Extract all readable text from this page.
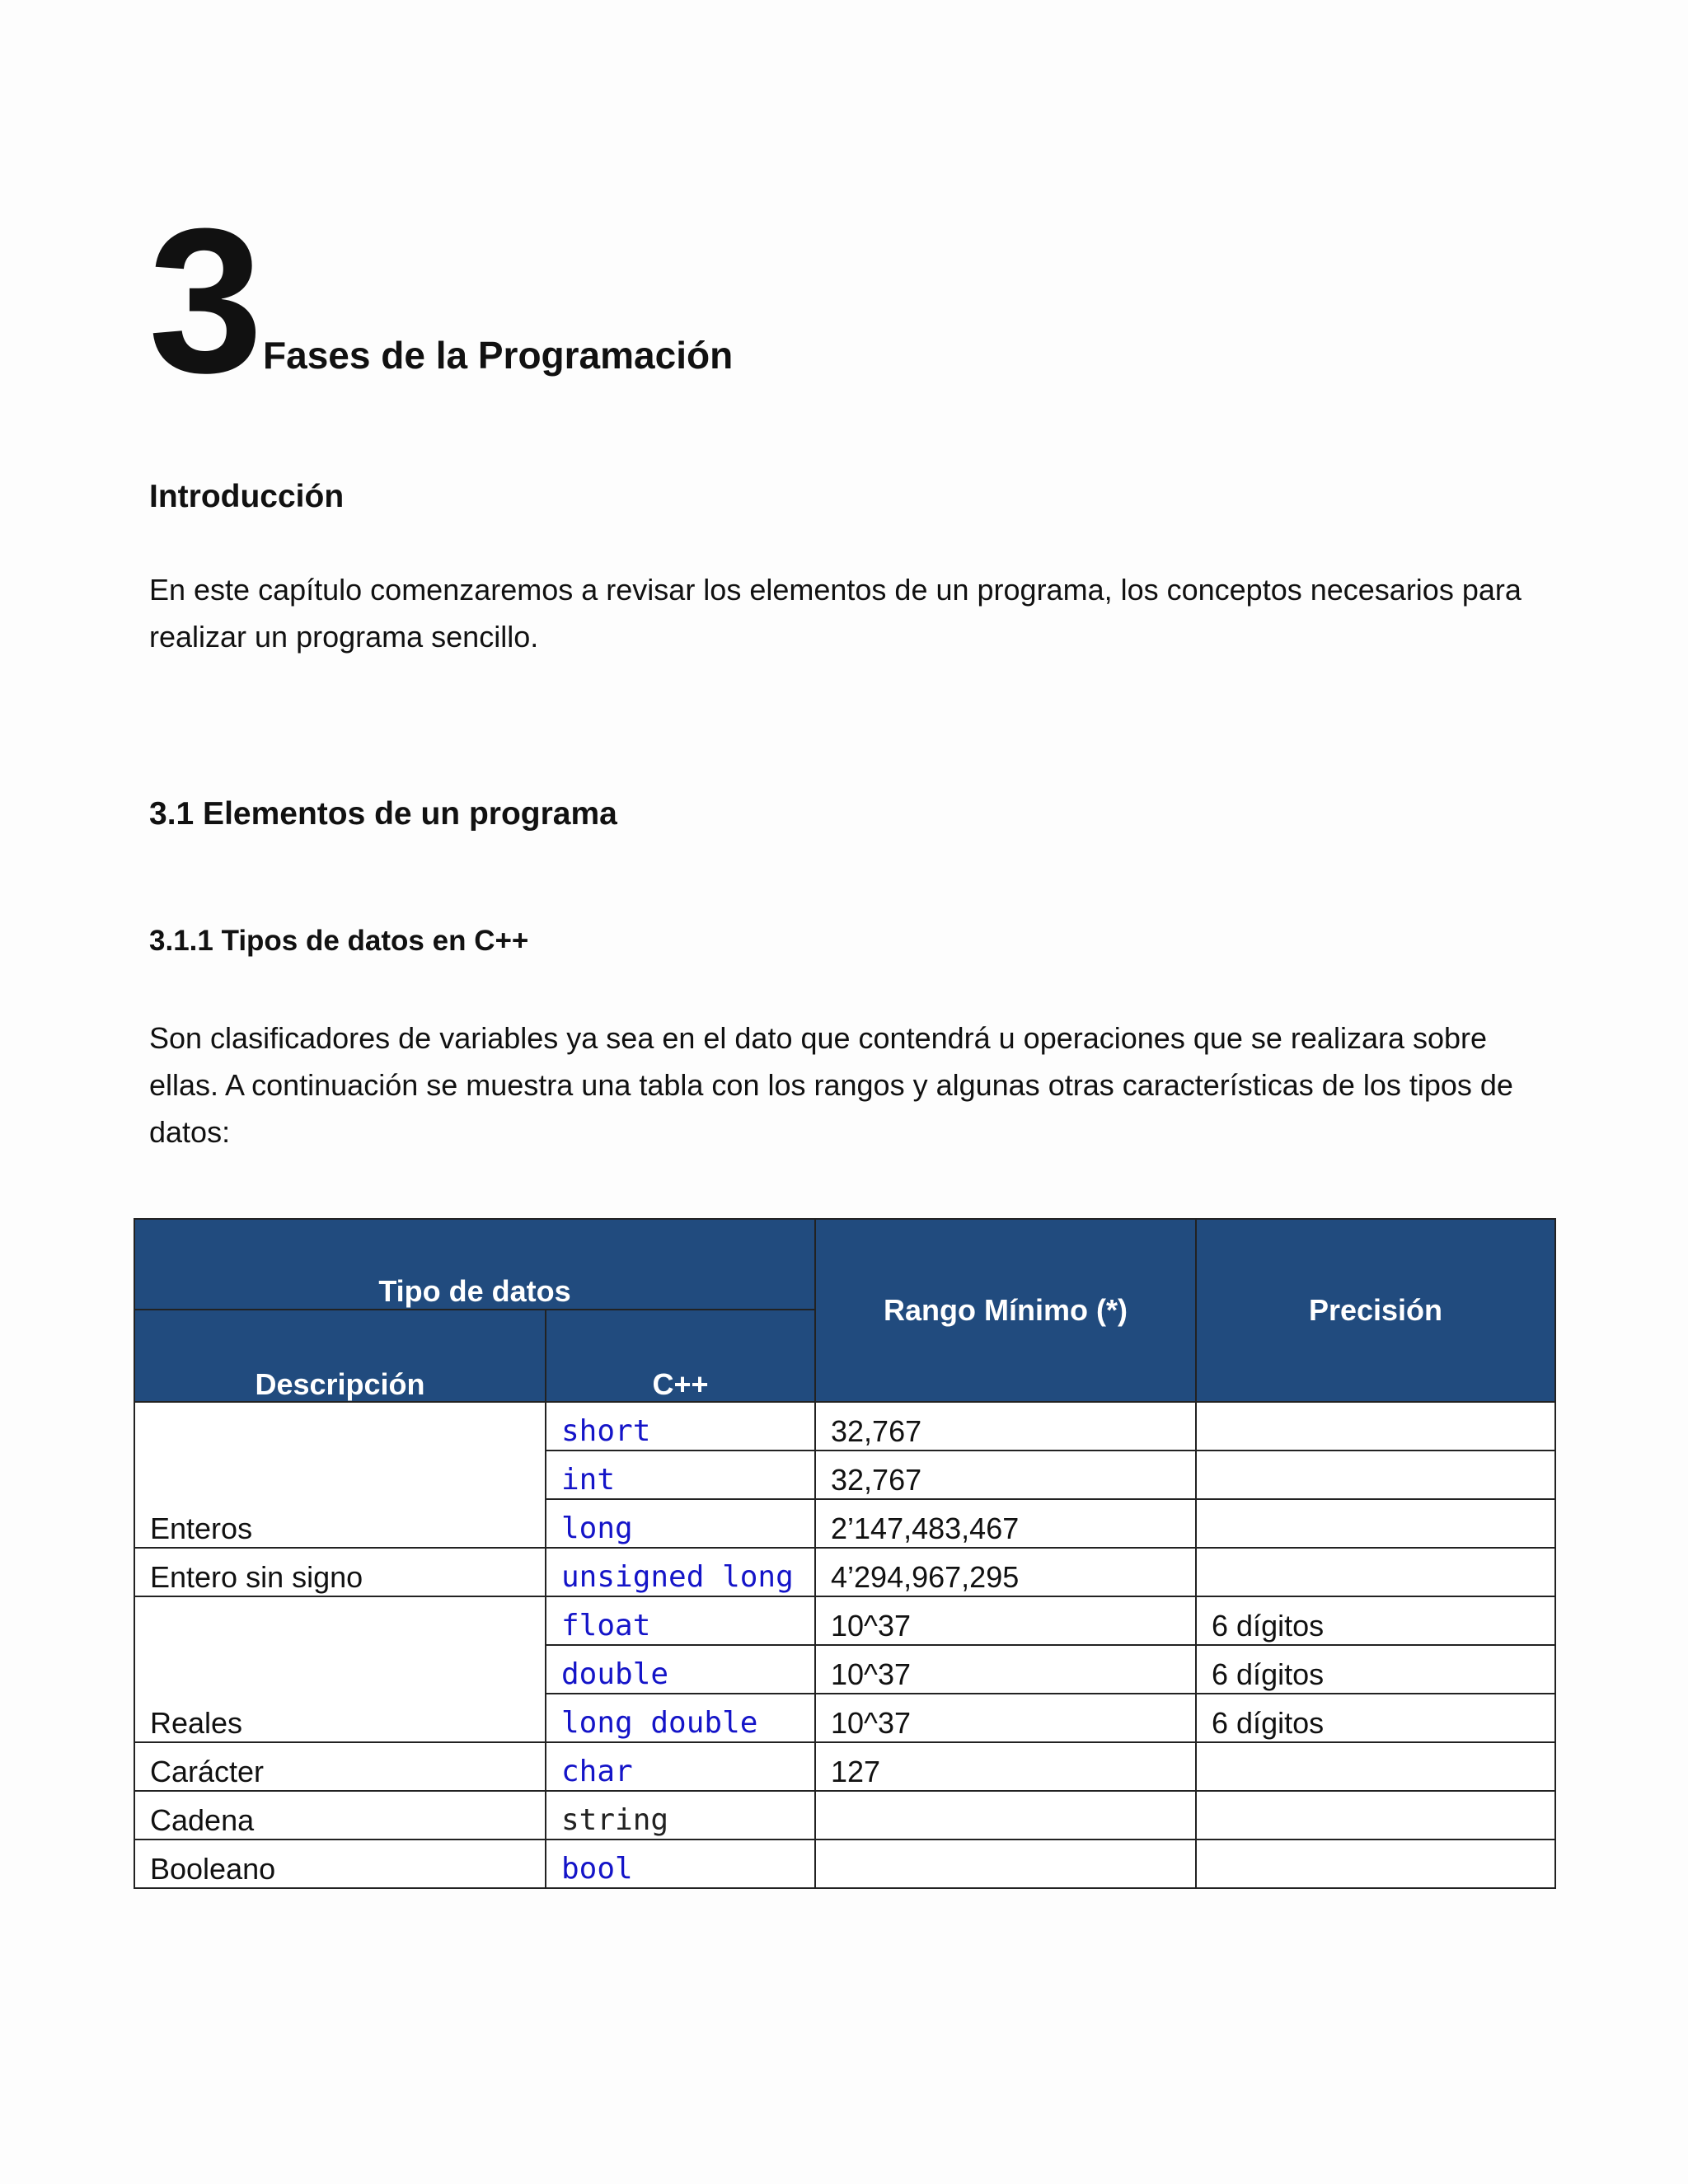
3 Fases de la Programación
Introducción

En este capítulo comenzaremos a revisar los elementos de un programa, los conceptos necesarios para realizar un programa sencillo.

3.1 Elementos de un programa
3.1.1 Tipos de datos en C++

Son clasificadores de variables ya sea en el dato que contendrá u operaciones que se realizara sobre ellas. A continuación se muestra una tabla con los rangos y algunas otras características de los tipos de datos:

Tipo de datos		Rango Mínimo (*)	Precisión
Descripción	C++		
Enteros	short	32,767	
	int	32,767	
	long	2’147,483,467	
Entero sin signo	unsigned long	4’294,967,295	
Reales	float	10^37	6 dígitos
	double	10^37	6 dígitos
	long double	10^37	6 dígitos
Carácter	char	127	
Cadena	string		
Booleano	bool		
